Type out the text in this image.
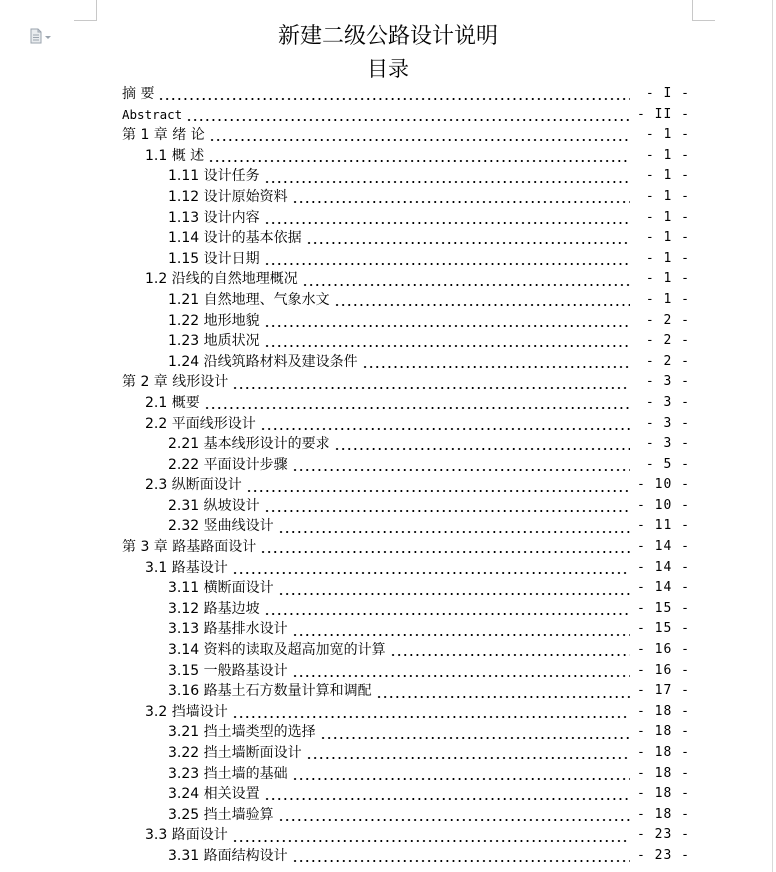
新建二级公路设计说明
目录
摘 要	- I -
Abstract	- II -
第 1 章 绪 论	- 1 -
1.1 概 述	- 1 -
1.11 设计任务	- 1 -
1.12 设计原始资料	- 1 -
1.13 设计内容	- 1 -
1.14 设计的基本依据	- 1 -
1.15 设计日期	- 1 -
1.2 沿线的自然地理概况	- 1 -
1.21 自然地理、气象水文	- 1 -
1.22 地形地貌	- 2 -
1.23 地质状况	- 2 -
1.24 沿线筑路材料及建设条件	- 2 -
第 2 章 线形设计	- 3 -
2.1 概要	- 3 -
2.2 平面线形设计	- 3 -
2.21 基本线形设计的要求	- 3 -
2.22 平面设计步骤	- 5 -
2.3 纵断面设计	- 10 -
2.31 纵坡设计	- 10 -
2.32 竖曲线设计	- 11 -
第 3 章 路基路面设计	- 14 -
3.1 路基设计	- 14 -
3.11 横断面设计	- 14 -
3.12 路基边坡	- 15 -
3.13 路基排水设计	- 15 -
3.14 资料的读取及超高加宽的计算	- 16 -
3.15 一般路基设计	- 16 -
3.16 路基土石方数量计算和调配	- 17 -
3.2 挡墙设计	- 18 -
3.21 挡土墙类型的选择	- 18 -
3.22 挡土墙断面设计	- 18 -
3.23 挡土墙的基础	- 18 -
3.24 相关设置	- 18 -
3.25 挡土墙验算	- 18 -
3.3 路面设计	- 23 -
3.31 路面结构设计	- 23 -
